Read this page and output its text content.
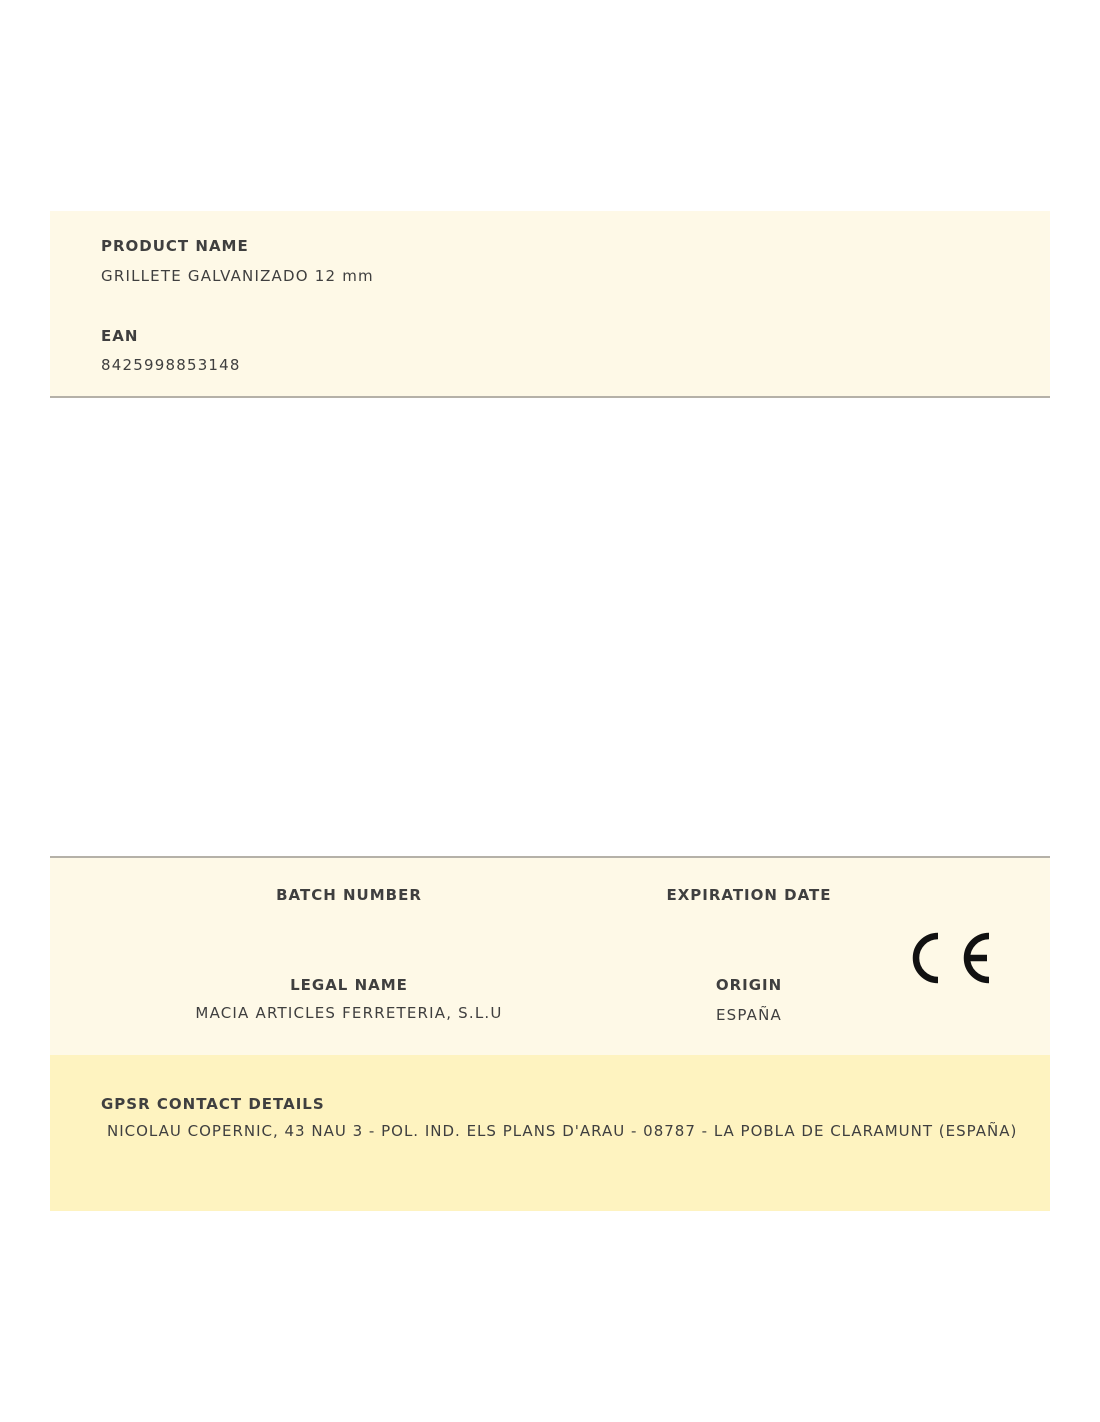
PRODUCT NAME
GRILLETE GALVANIZADO 12 mm
EAN
8425998853148
BATCH NUMBER	EXPIRATION DATE
LEGAL NAME
MACIA ARTICLES FERRETERIA, S.L.U
ORIGIN
ESPAÑA
GPSR CONTACT DETAILS
NICOLAU COPERNIC, 43 NAU 3 - POL. IND. ELS PLANS D'ARAU - 08787 - LA POBLA DE CLARAMUNT (ESPAÑA)
